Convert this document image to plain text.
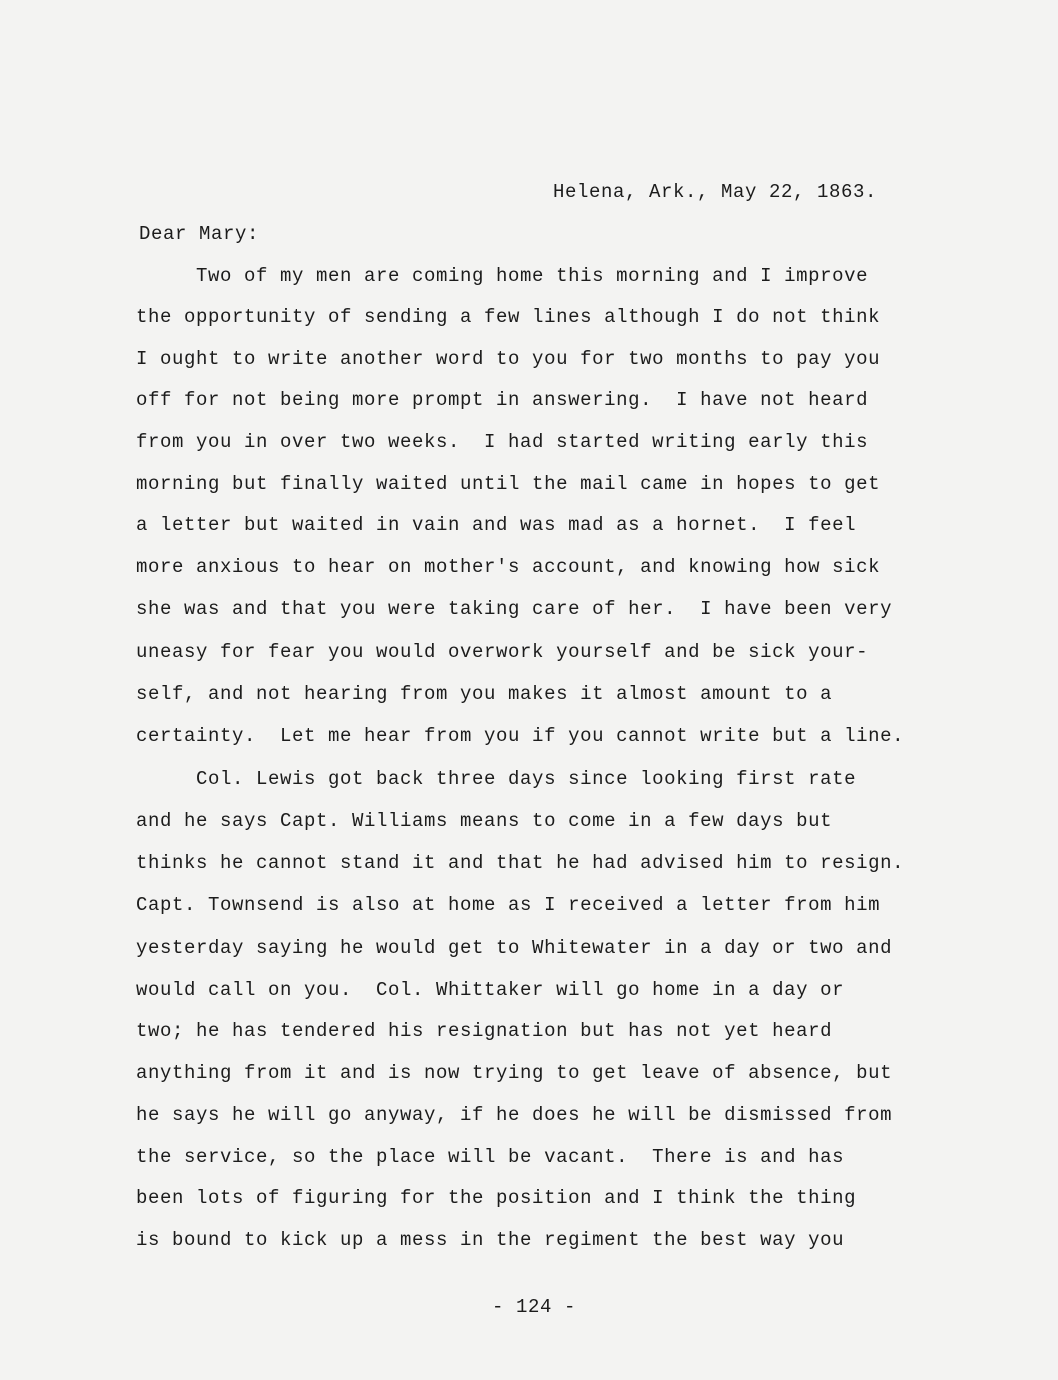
Helena, Ark., May 22, 1863.
Dear Mary:
Two of my men are coming home this morning and I improve
the opportunity of sending a few lines although I do not think
I ought to write another word to you for two months to pay you
off for not being more prompt in answering.  I have not heard
from you in over two weeks.  I had started writing early this
morning but finally waited until the mail came in hopes to get
a letter but waited in vain and was mad as a hornet.  I feel
more anxious to hear on mother's account, and knowing how sick
she was and that you were taking care of her.  I have been very
uneasy for fear you would overwork yourself and be sick your-
self, and not hearing from you makes it almost amount to a
certainty.  Let me hear from you if you cannot write but a line.
Col. Lewis got back three days since looking first rate
and he says Capt. Williams means to come in a few days but
thinks he cannot stand it and that he had advised him to resign.
Capt. Townsend is also at home as I received a letter from him
yesterday saying he would get to Whitewater in a day or two and
would call on you.  Col. Whittaker will go home in a day or
two; he has tendered his resignation but has not yet heard
anything from it and is now trying to get leave of absence, but
he says he will go anyway, if he does he will be dismissed from
the service, so the place will be vacant.  There is and has
been lots of figuring for the position and I think the thing
is bound to kick up a mess in the regiment the best way you
- 124 -
